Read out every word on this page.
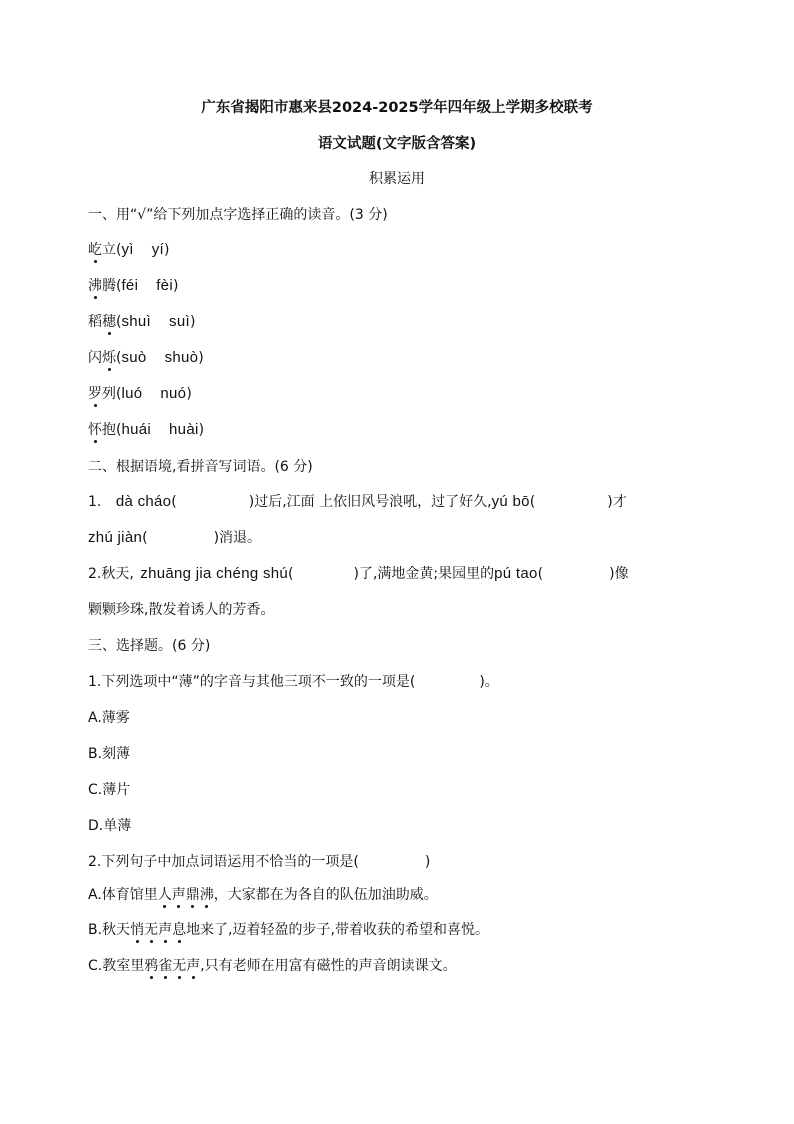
广东省揭阳市惠来县2024-2025学年四年级上学期多校联考
语文试题(文字版含答案)
积累运用
一、用“√”给下列加点字选择正确的读音。(3 分)
屹立(yì yí)
沸腾(féi fèi)
稻穗(shuì suì)
闪烁(suò shuò)
罗列(luó nuó)
怀抱(huái huài)
二、根据语境,看拼音写词语。(6 分)
1. dà cháo(	)过后,江面 上依旧风号浪吼，过了好久,yú bō(	)才
zhú jiàn(	)消退。
2.秋天, zhuāng jia chéng shú(	)了,满地金黄;果园里的pú tao(	)像
颗颗珍珠,散发着诱人的芳香。
三、选择题。(6 分)
1.下列选项中“薄”的字音与其他三项不一致的一项是(	)。
A.薄雾
B.刻薄
C.薄片
D.单薄
2.下列句子中加点词语运用不恰当的一项是(	)
A.体育馆里人声鼎沸，大家都在为各自的队伍加油助威。
B.秋天悄无声息地来了,迈着轻盈的步子,带着收获的希望和喜悦。
C.教室里鸦雀无声,只有老师在用富有磁性的声音朗读课文。
